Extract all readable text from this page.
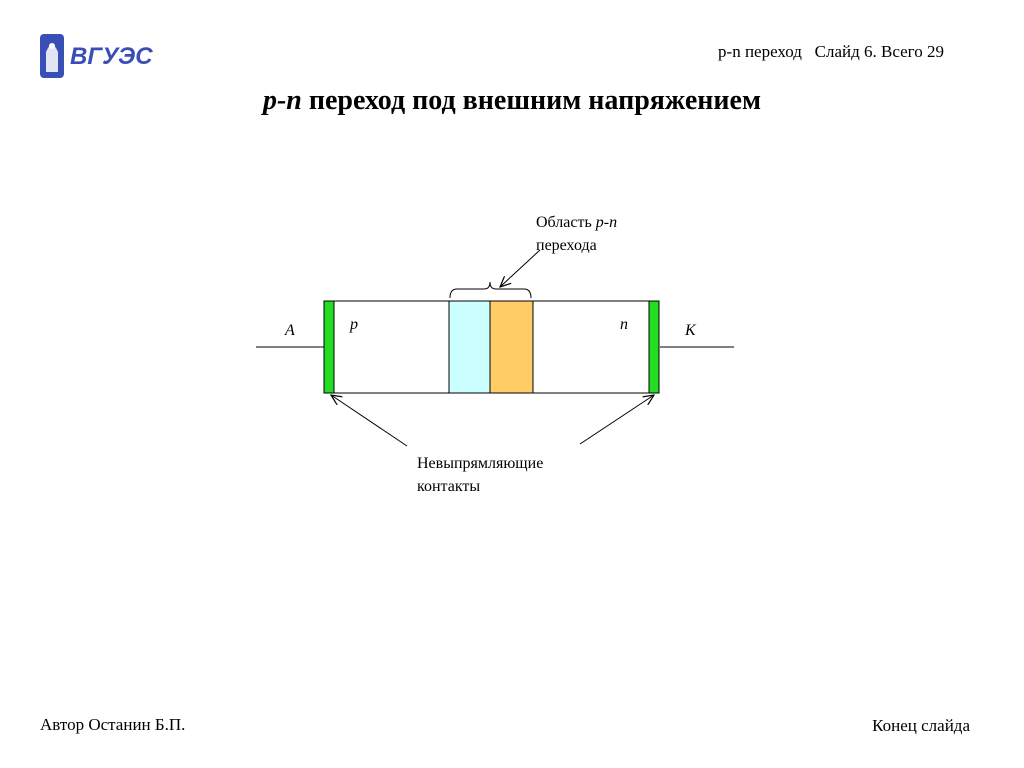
ВГУЭС	p-n переход   Слайд 6. Всего 29
p-n переход под внешним напряжением
A	К
p	n
Область p-n
перехода
Невыпрямляющие
контакты
Автор Останин Б.П.	Конец слайда
